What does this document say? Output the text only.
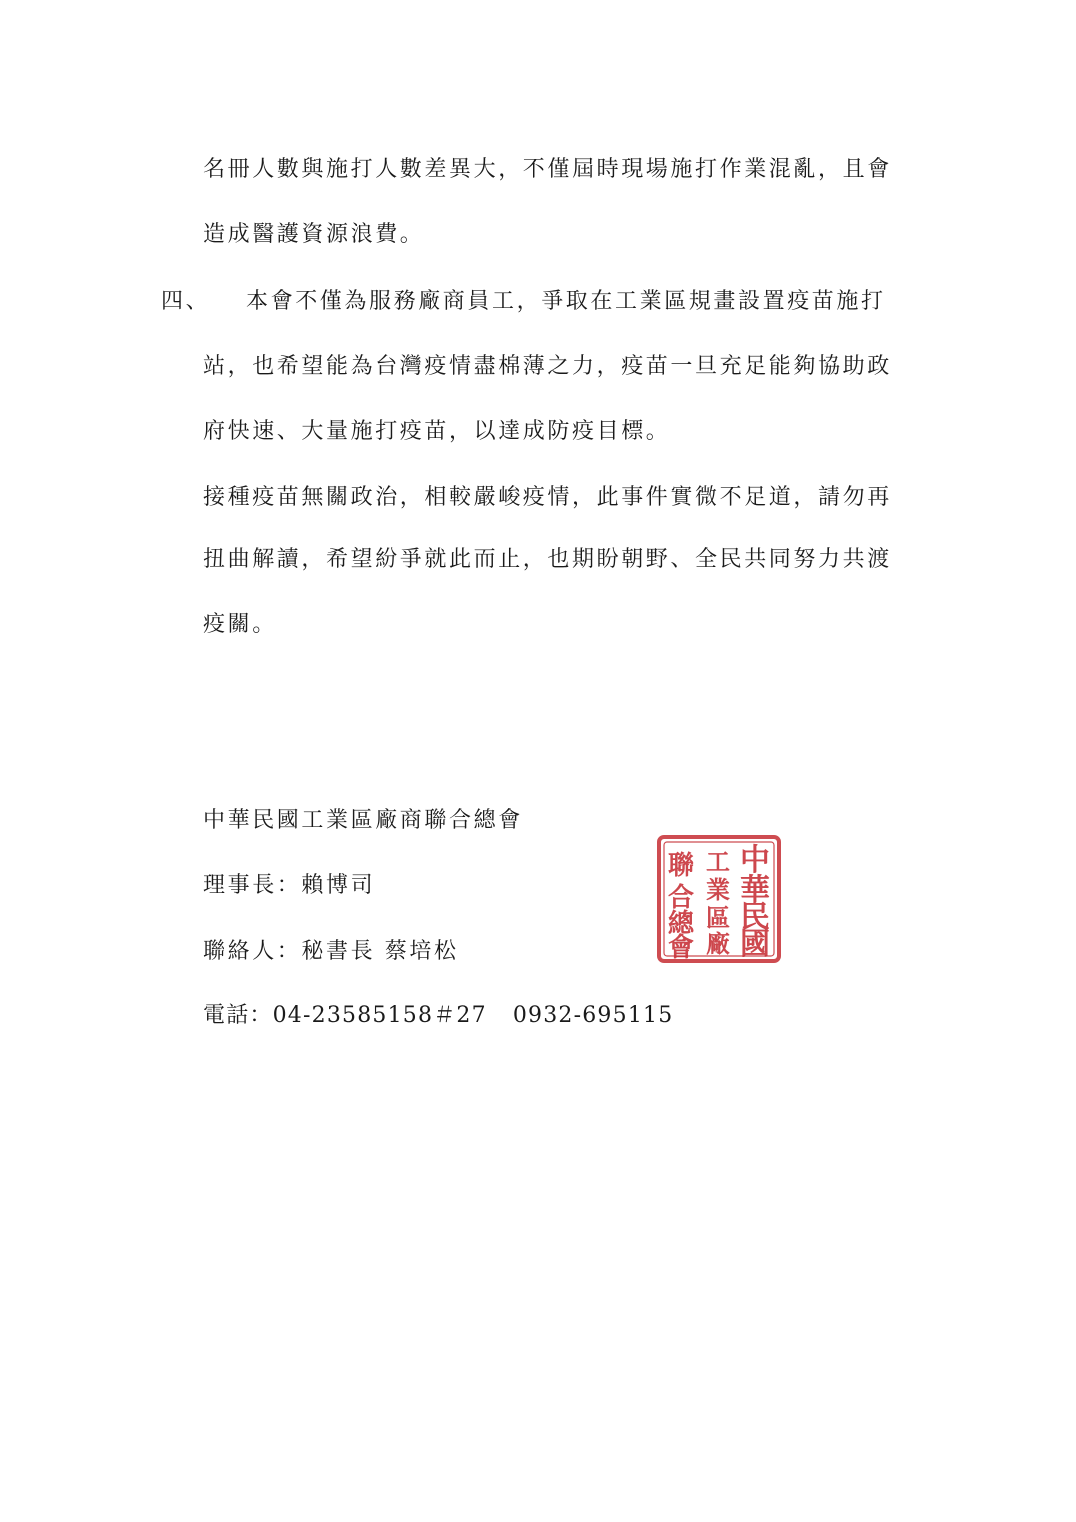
名冊人數與施打人數差異大，不僅屆時現場施打作業混亂，且會
造成醫護資源浪費。
四、 本會不僅為服務廠商員工，爭取在工業區規畫設置疫苗施打
站，也希望能為台灣疫情盡棉薄之力，疫苗一旦充足能夠協助政
府快速、大量施打疫苗，以達成防疫目標。
接種疫苗無關政治，相較嚴峻疫情，此事件實微不足道，請勿再
扭曲解讀，希望紛爭就此而止，也期盼朝野、全民共同努力共渡
疫關。
中華民國工業區廠商聯合總會
理事長：賴博司
聯絡人：秘書長 蔡培松
電話：04-23585158＃27 0932-695115
中
華
民
國
工
業
區
廠
聯
合
總
會
